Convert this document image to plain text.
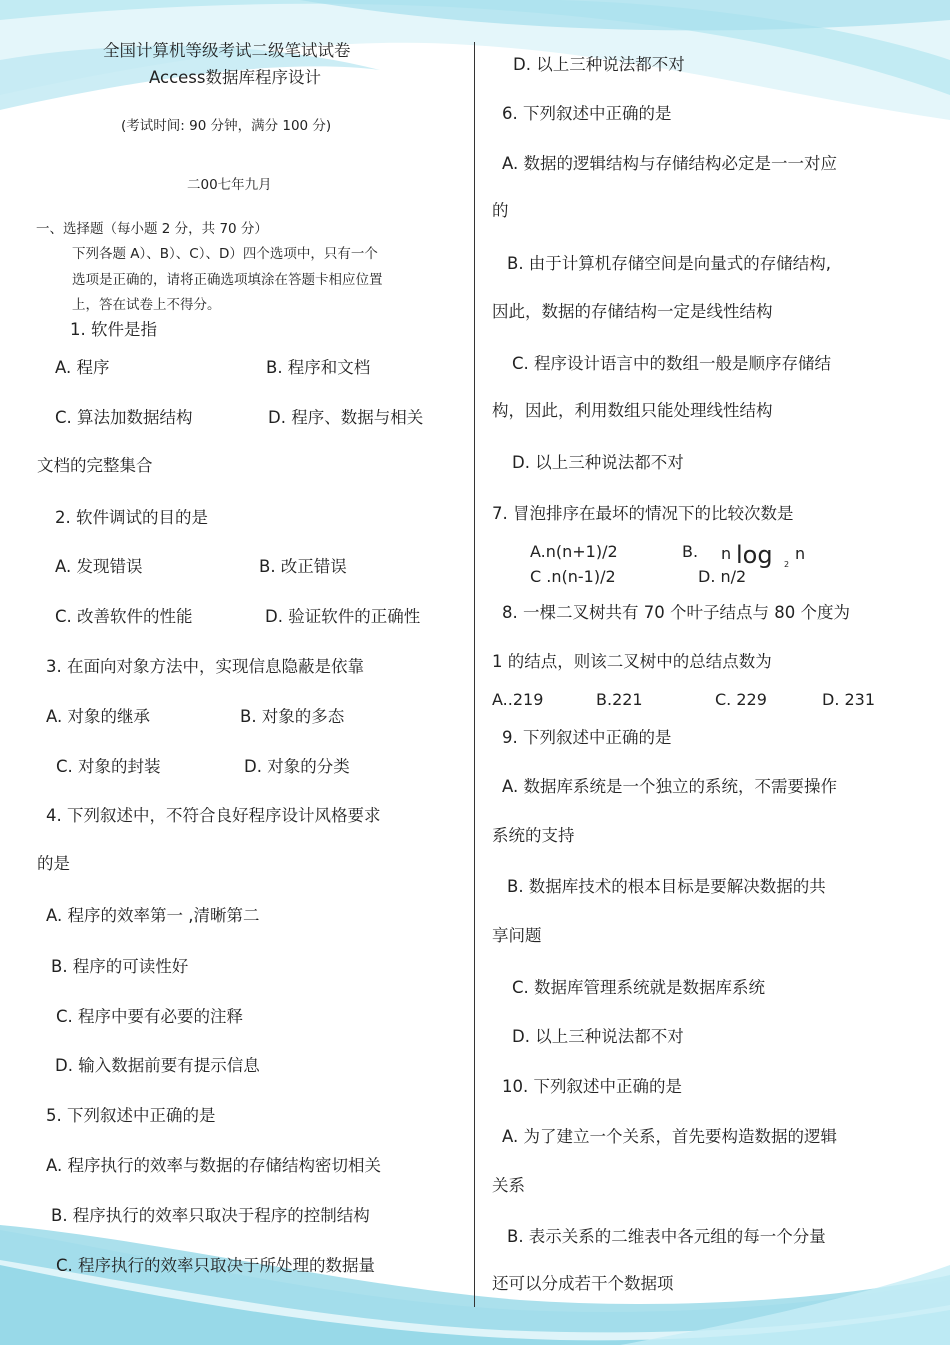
全国计算机等级考试二级笔试试卷
Access数据库程序设计
(考试时间: 90 分钟，满分 100 分)
二00七年九月
一、选择题（每小题 2 分，共 70 分）
下列各题 A）、B）、C）、D）四个选项中，只有一个
选项是正确的，请将正确选项填涂在答题卡相应位置
上，答在试卷上不得分。
1. 软件是指
A. 程序	B. 程序和文档
C. 算法加数据结构	D. 程序、数据与相关
文档的完整集合
2. 软件调试的目的是
A. 发现错误	B. 改正错误
C. 改善软件的性能	D. 验证软件的正确性
3. 在面向对象方法中，实现信息隐蔽是依靠
A. 对象的继承	B. 对象的多态
C. 对象的封装	D. 对象的分类
4. 下列叙述中，不符合良好程序设计风格要求
的是
A. 程序的效率第一 ,清晰第二
B. 程序的可读性好
C. 程序中要有必要的注释
D. 输入数据前要有提示信息
5. 下列叙述中正确的是
A. 程序执行的效率与数据的存储结构密切相关
B. 程序执行的效率只取决于程序的控制结构
C. 程序执行的效率只取决于所处理的数据量
D. 以上三种说法都不对
6. 下列叙述中正确的是
A. 数据的逻辑结构与存储结构必定是一一对应
的
B. 由于计算机存储空间是向量式的存储结构,
因此，数据的存储结构一定是线性结构
C. 程序设计语言中的数组一般是顺序存储结
构，因此，利用数组只能处理线性结构
D. 以上三种说法都不对
7. 冒泡排序在最坏的情况下的比较次数是
A.n(n+1)/2	B. n log 2
n
C .n(n-1)/2	D. n/2
8. 一棵二叉树共有 70 个叶子结点与 80 个度为
1 的结点，则该二叉树中的总结点数为
A..219	B.221	C. 229	D. 231
9. 下列叙述中正确的是
A. 数据库系统是一个独立的系统，不需要操作
系统的支持
B. 数据库技术的根本目标是要解决数据的共
享问题
C. 数据库管理系统就是数据库系统
D. 以上三种说法都不对
10. 下列叙述中正确的是
A. 为了建立一个关系，首先要构造数据的逻辑
关系
B. 表示关系的二维表中各元组的每一个分量
还可以分成若干个数据项
